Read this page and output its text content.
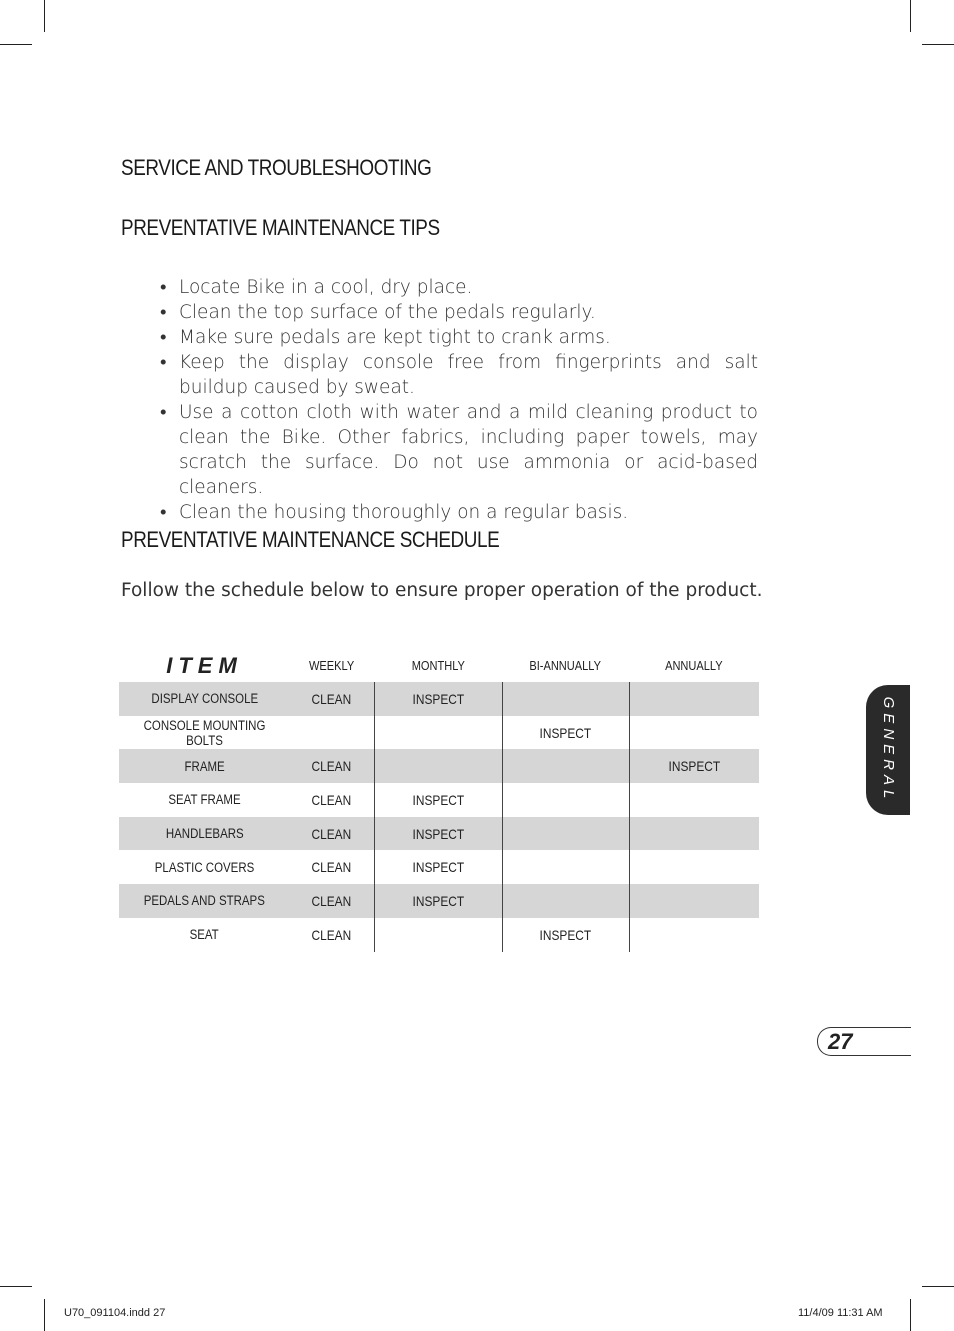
SERVICE AND TROUBLESHOOTING
PREVENTATIVE MAINTENANCE TIPS
• Locate Bike in a cool, dry place.
• Clean the top surface of the pedals regularly.
• Make sure pedals are kept tight to crank arms.
• Keep the display console free from fingerprints and salt buildup caused by sweat.
• Use a cotton cloth with water and a mild cleaning product to clean the Bike. Other fabrics, including paper towels, may scratch the surface. Do not use ammonia or acid-based cleaners.
• Clean the housing thoroughly on a regular basis.
PREVENTATIVE MAINTENANCE SCHEDULE

Follow the schedule below to ensure proper operation of the product.

ITEM	WEEKLY	MONTHLY	BI-ANNUALLY	ANNUALLY
DISPLAY CONSOLE	CLEAN	INSPECT		
CONSOLE MOUNTING BOLTS			INSPECT	
FRAME	CLEAN			INSPECT
SEAT FRAME	CLEAN	INSPECT		
HANDLEBARS	CLEAN	INSPECT		
PLASTIC COVERS	CLEAN	INSPECT		
PEDALS AND STRAPS	CLEAN	INSPECT		
SEAT	CLEAN		INSPECT	
GENERAL
27
U70_091104.indd 27	11/4/09 11:31 AM
